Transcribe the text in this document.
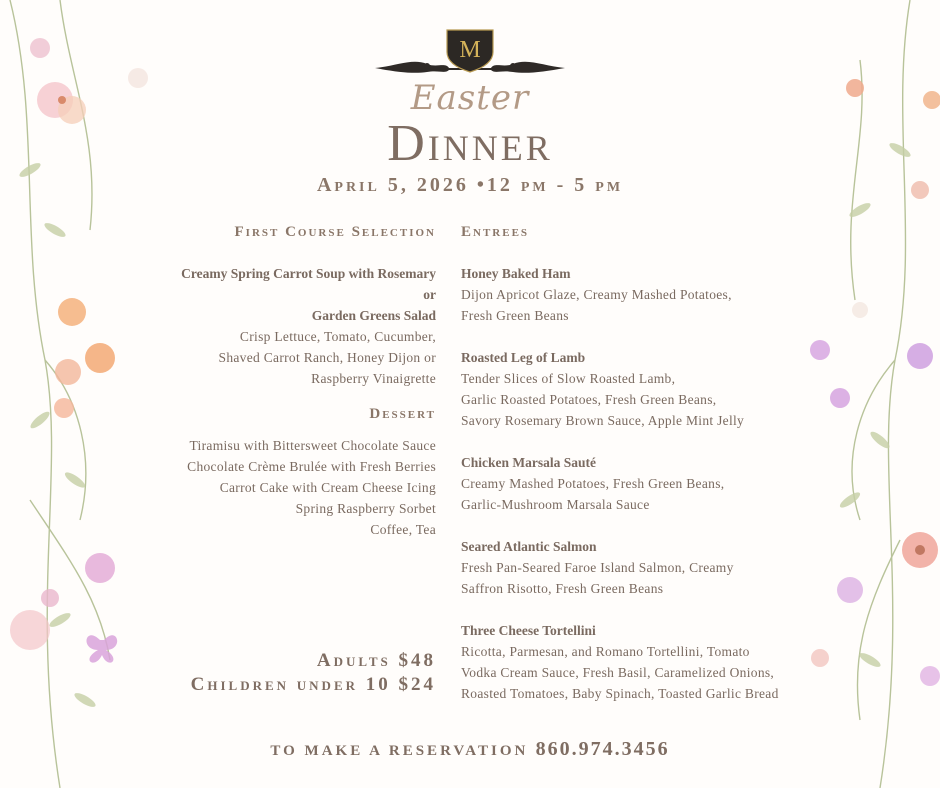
M
Easter
Dinner
April 5, 2026 •12 pm - 5 pm
First Course Selection
Creamy Spring Carrot Soup with Rosemary
or
Garden Greens Salad
Crisp Lettuce, Tomato, Cucumber,
Shaved Carrot Ranch, Honey Dijon or
Raspberry Vinaigrette
Dessert
Tiramisu with Bittersweet Chocolate Sauce
Chocolate Crème Brulée with Fresh Berries
Carrot Cake with Cream Cheese Icing
Spring Raspberry Sorbet
Coffee, Tea
Adults $48
Children under 10 $24
Entrees
Honey Baked Ham
Dijon Apricot Glaze, Creamy Mashed Potatoes,
Fresh Green Beans
Roasted Leg of Lamb
Tender Slices of Slow Roasted Lamb,
Garlic Roasted Potatoes, Fresh Green Beans,
Savory Rosemary Brown Sauce, Apple Mint Jelly
Chicken Marsala Sauté
Creamy Mashed Potatoes, Fresh Green Beans,
Garlic-Mushroom Marsala Sauce
Seared Atlantic Salmon
Fresh Pan-Seared Faroe Island Salmon, Creamy
Saffron Risotto, Fresh Green Beans
Three Cheese Tortellini
Ricotta, Parmesan, and Romano Tortellini, Tomato
Vodka Cream Sauce, Fresh Basil, Caramelized Onions,
Roasted Tomatoes, Baby Spinach, Toasted Garlic Bread
TO MAKE A RESERVATION 860.974.3456
